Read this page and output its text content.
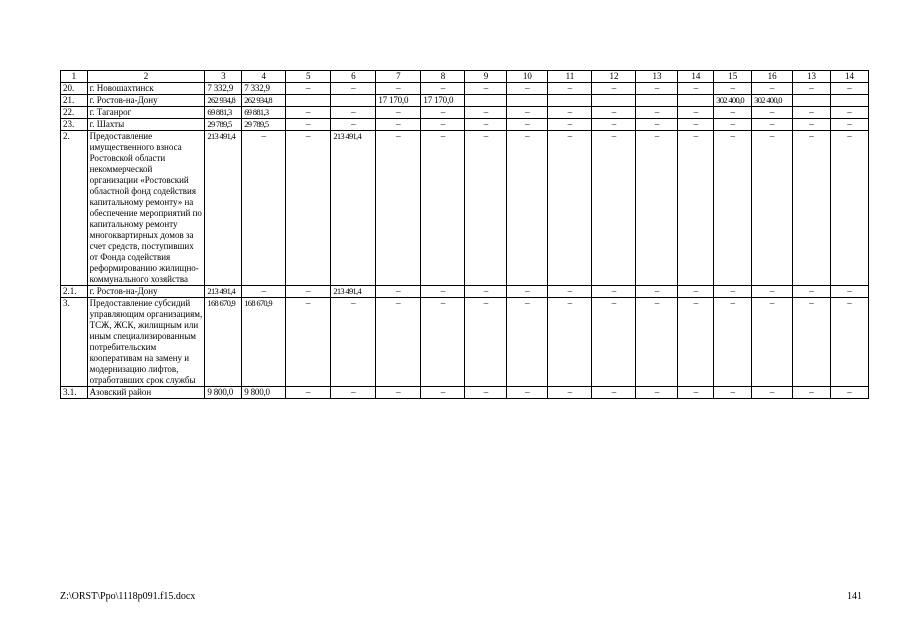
1	2	3	4	5	6	7	8	9	10	11	12	13	14	15	16	13	14
20.	г. Новошахтинск	7 332,9	7 332,9	–	–	–	–	–	–	–	–	–	–	–	–	–	–
21.	г. Ростов-на-Дону	262 934,8	262 934,8			17 170,0	17 170,0							302 400,0	302 400,0		
22.	г. Таганрог	69 881,3	69 881,3	–	–	–	–	–	–	–	–	–	–	–	–	–	–
23.	г. Шахты	29 789,5	29 789,5	–	–	–	–	–	–	–	–	–	–	–	–	–	–
2.	Предоставление имущественного взноса Ростовской области некоммерческой организации «Ростовский областной фонд содействия капитальному ремонту» на обеспечение мероприятий по капитальному ремонту многоквартирных домов за счет средств, поступивших от Фонда содействия реформированию жилищно-коммунального хозяйства	213 491,4	–	–	213 491,4	–	–	–	–	–	–	–	–	–	–	–	–
2.1.	г. Ростов-на-Дону	213 491,4	–	–	213 491,4	–	–	–	–	–	–	–	–	–	–	–	–
3.	Предоставление субсидий управляющим организациям, ТСЖ, ЖСК, жилищным или иным специализированным потребительским кооперативам на замену и модернизацию лифтов, отработавших срок службы	168 670,9	168 670,9	–	–	–	–	–	–	–	–	–	–	–	–	–	–
3.1.	Азовский район	9 800,0	9 800,0	–	–	–	–	–	–	–	–	–	–	–	–	–	–
Z:\ORST\Ppo\1118p091.f15.docx	141
